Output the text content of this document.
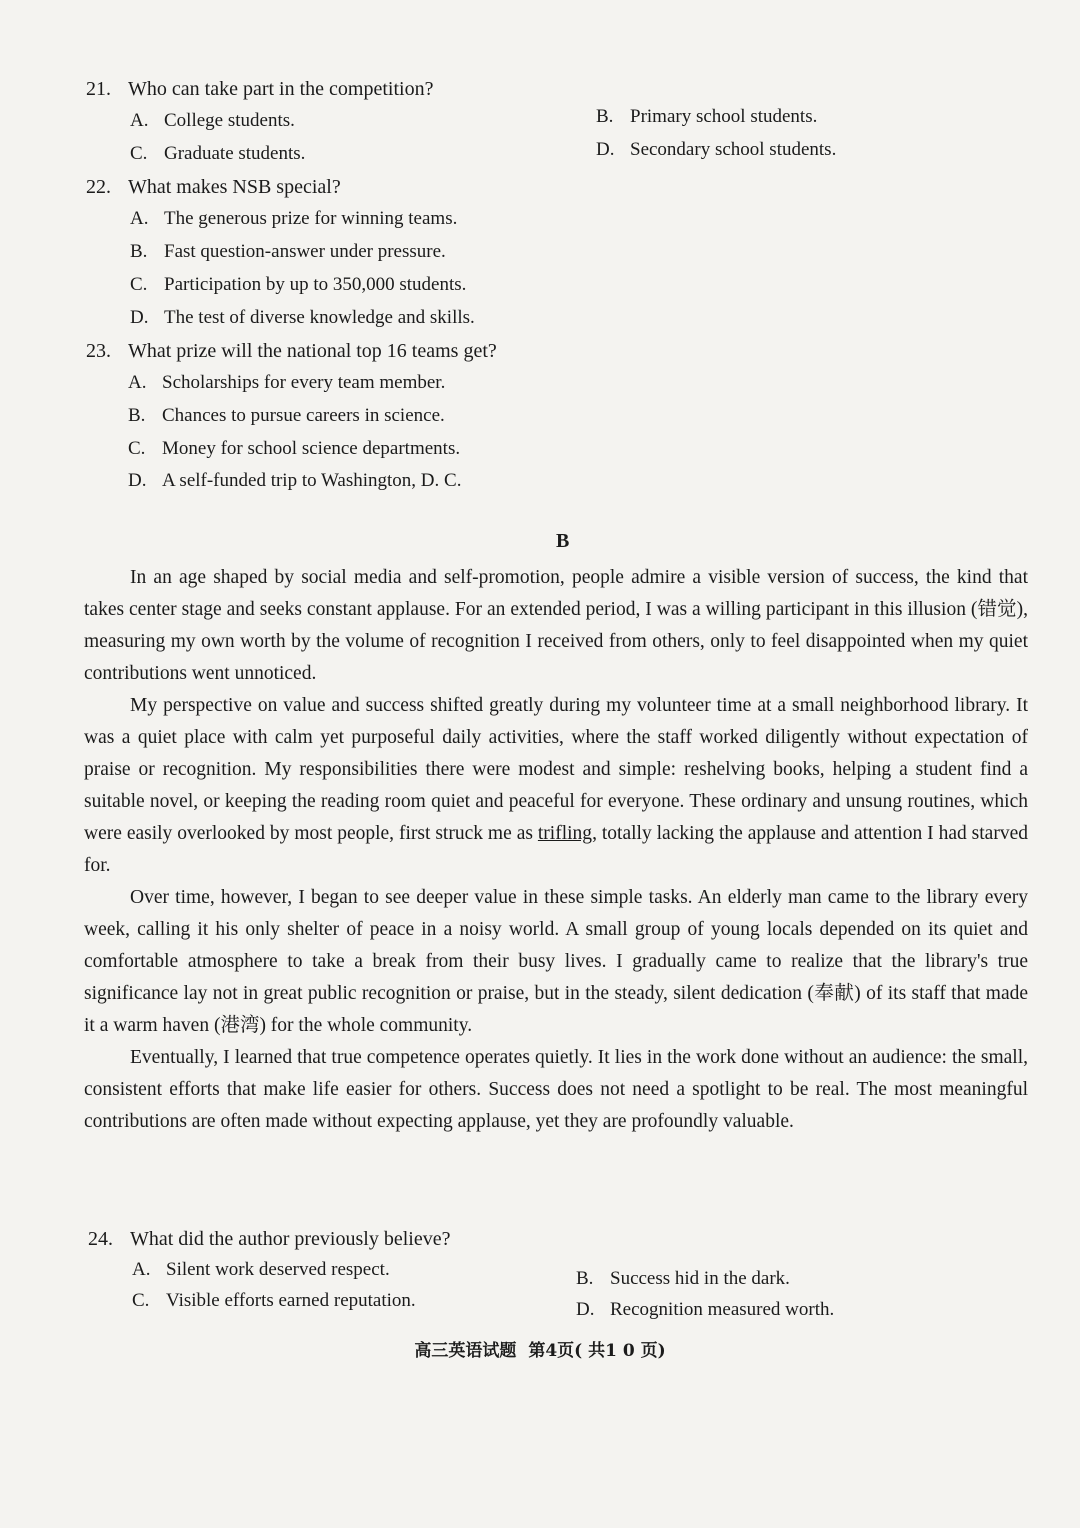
21. Who can take part in the competition?
A. College students.	B. Primary school students.
C. Graduate students.	D. Secondary school students.
22. What makes NSB special?
A. The generous prize for winning teams.
B. Fast question-answer under pressure.
C. Participation by up to 350,000 students.
D. The test of diverse knowledge and skills.
23. What prize will the national top 16 teams get?
A. Scholarships for every team member.
B. Chances to pursue careers in science.
C. Money for school science departments.
D. A self-funded trip to Washington, D. C.
B

In an age shaped by social media and self-promotion, people admire a visible version of success, the kind that takes center stage and seeks constant applause. For an extended period, I was a willing participant in this illusion (错觉), measuring my own worth by the volume of recognition I received from others, only to feel disappointed when my quiet contributions went unnoticed.

My perspective on value and success shifted greatly during my volunteer time at a small neighborhood library. It was a quiet place with calm yet purposeful daily activities, where the staff worked diligently without expectation of praise or recognition. My responsibilities there were modest and simple: reshelving books, helping a student find a suitable novel, or keeping the reading room quiet and peaceful for everyone. These ordinary and unsung routines, which were easily overlooked by most people, first struck me as trifling, totally lacking the applause and attention I had starved for.

Over time, however, I began to see deeper value in these simple tasks. An elderly man came to the library every week, calling it his only shelter of peace in a noisy world. A small group of young locals depended on its quiet and comfortable atmosphere to take a break from their busy lives. I gradually came to realize that the library's true significance lay not in great public recognition or praise, but in the steady, silent dedication (奉献) of its staff that made it a warm haven (港湾) for the whole community.

Eventually, I learned that true competence operates quietly. It lies in the work done without an audience: the small, consistent efforts that make life easier for others. Success does not need a spotlight to be real. The most meaningful contributions are often made without expecting applause, yet they are profoundly valuable.

24. What did the author previously believe?
A. Silent work deserved respect.	B. Success hid in the dark.
C. Visible efforts earned reputation.	D. Recognition measured worth.
高三英语试题 第4页( 共1 0 页)
